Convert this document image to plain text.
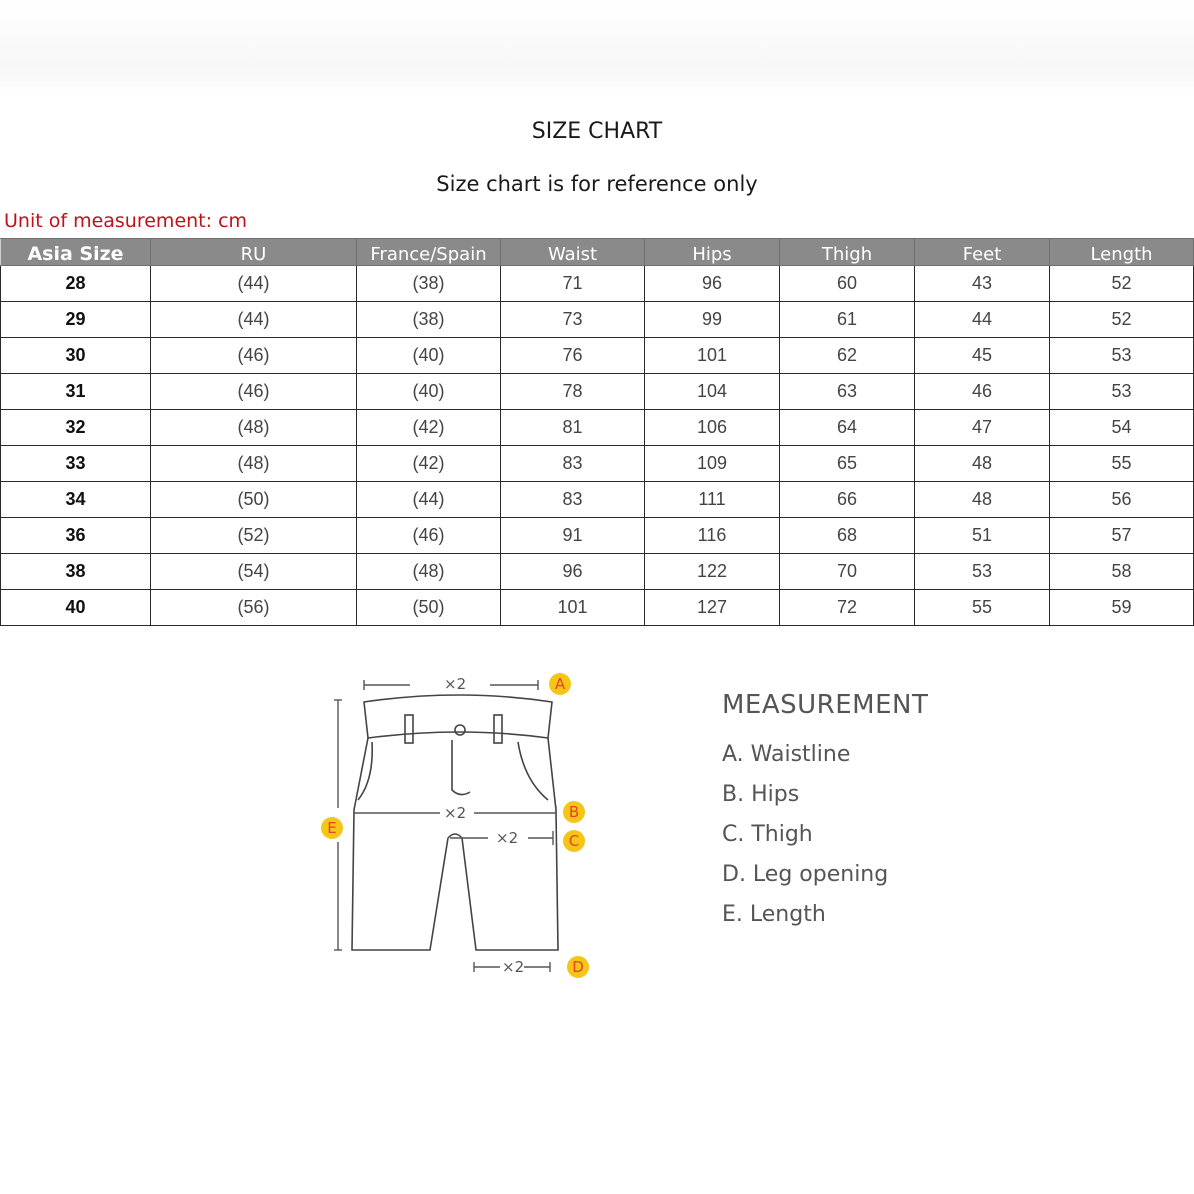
SIZE CHART
Size chart is for reference only
Unit of measurement: cm
Asia Size	RU	France/Spain	Waist	Hips	Thigh	Feet	Length
28	(44)	(38)	71	96	60	43	52
29	(44)	(38)	73	99	61	44	52
30	(46)	(40)	76	101	62	45	53
31	(46)	(40)	78	104	63	46	53
32	(48)	(42)	81	106	64	47	54
33	(48)	(42)	83	109	65	48	55
34	(50)	(44)	83	111	66	48	56
36	(52)	(46)	91	116	68	51	57
38	(54)	(48)	96	122	70	53	58
40	(56)	(50)	101	127	72	55	59
×2
×2
×2
×2
A
B
C
D
E
MEASUREMENT
A. Waistline
B. Hips
C. Thigh
D. Leg opening
E. Length
